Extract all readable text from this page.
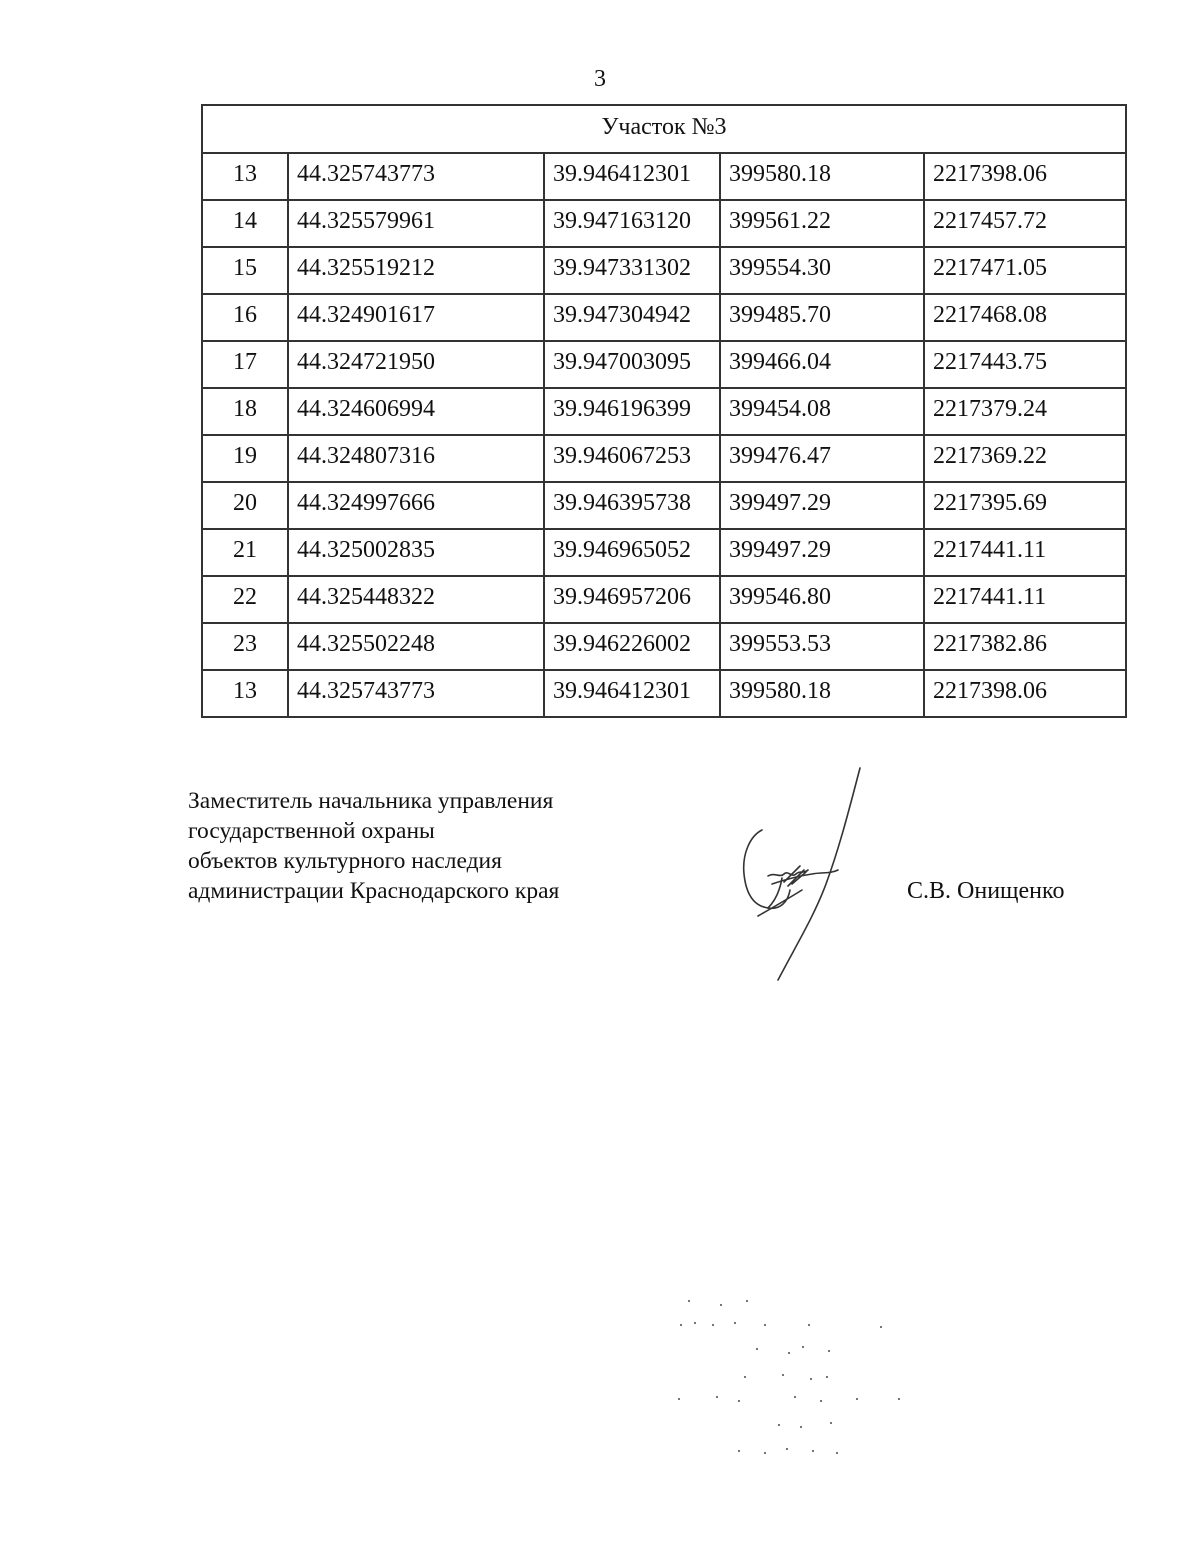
3
Участок №3				
13	44.325743773	39.946412301	399580.18	2217398.06
14	44.325579961	39.947163120	399561.22	2217457.72
15	44.325519212	39.947331302	399554.30	2217471.05
16	44.324901617	39.947304942	399485.70	2217468.08
17	44.324721950	39.947003095	399466.04	2217443.75
18	44.324606994	39.946196399	399454.08	2217379.24
19	44.324807316	39.946067253	399476.47	2217369.22
20	44.324997666	39.946395738	399497.29	2217395.69
21	44.325002835	39.946965052	399497.29	2217441.11
22	44.325448322	39.946957206	399546.80	2217441.11
23	44.325502248	39.946226002	399553.53	2217382.86
13	44.325743773	39.946412301	399580.18	2217398.06
Заместитель начальника управления
государственной охраны
объектов культурного наследия
администрации Краснодарского края	С.В. Онищенко
